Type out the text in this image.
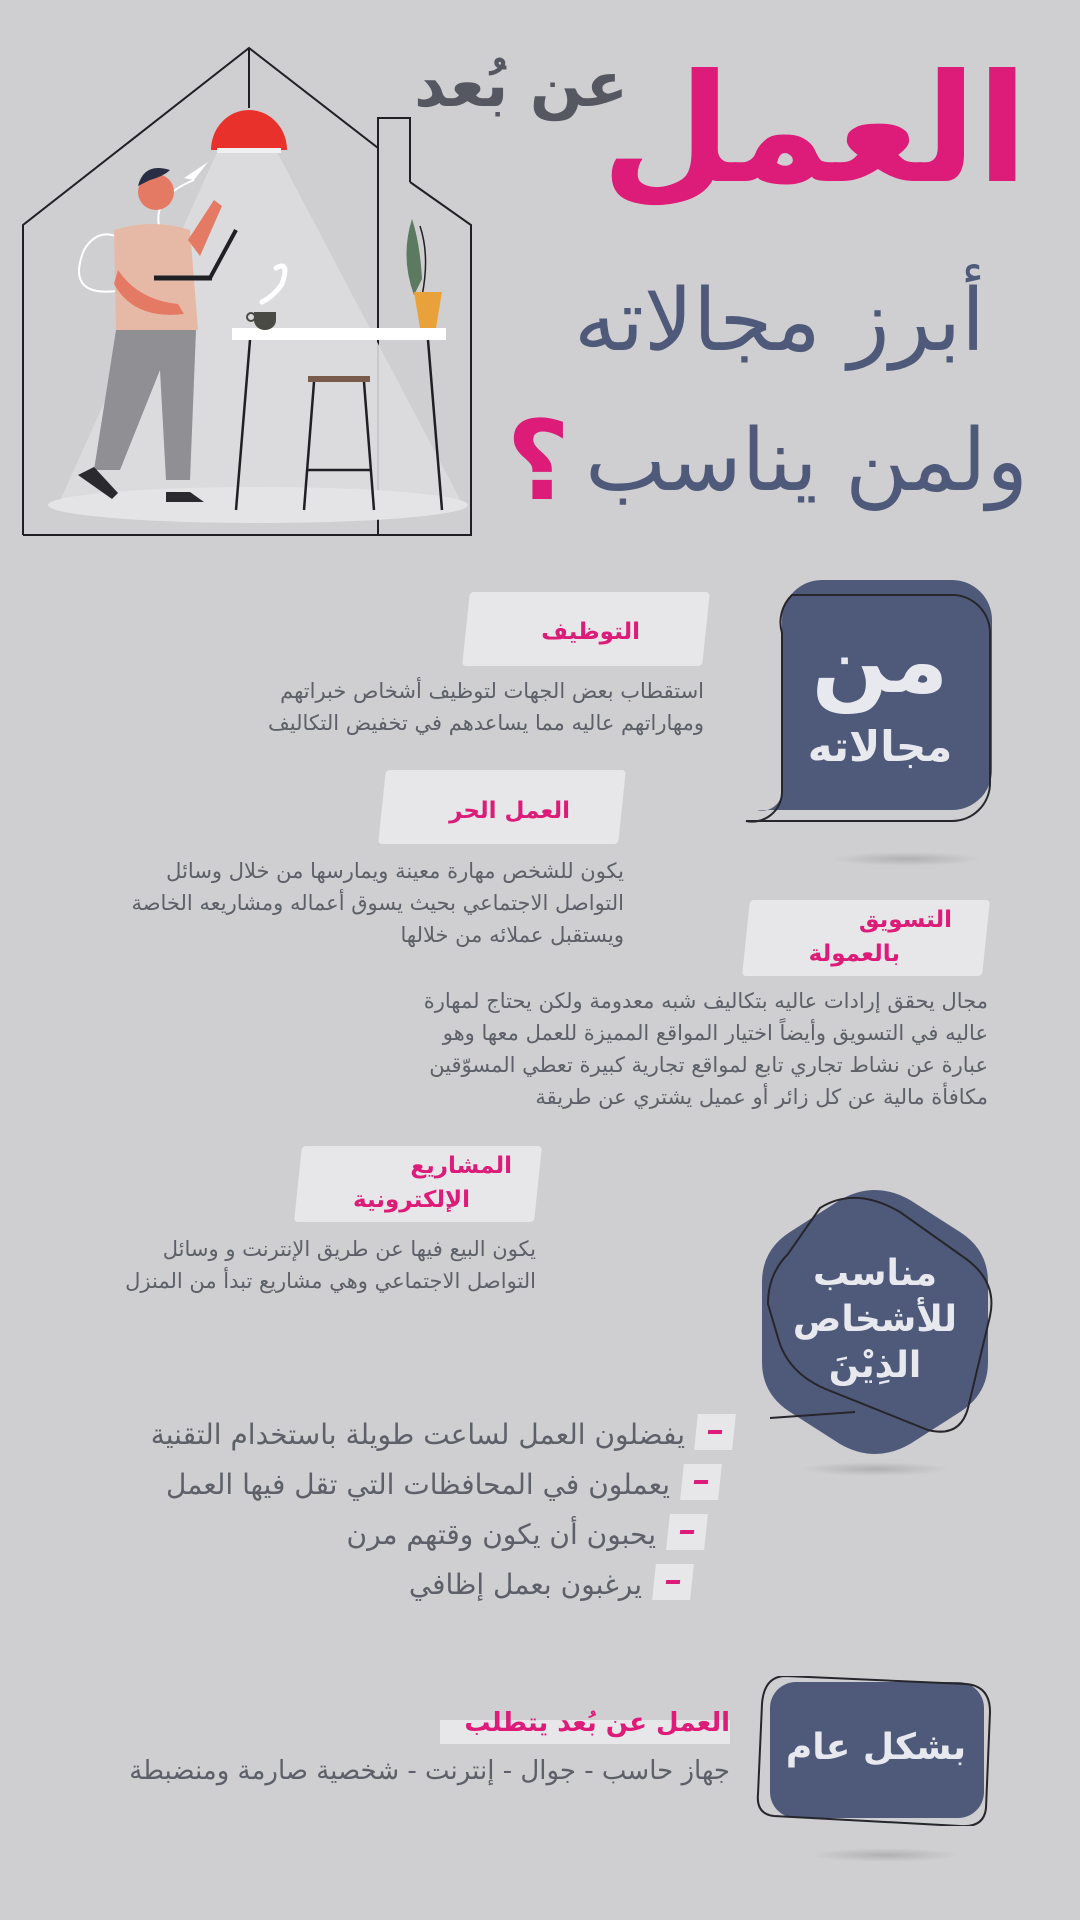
العمل
عن بُعد
أبرز مجالاته
ولمن يناسب
؟
من
مجالاته
التوظيف
استقطاب بعض الجهات لتوظيف أشخاص خبراتهم
ومهاراتهم عاليه مما يساعدهم في تخفيض التكاليف
العمل الحر
يكون للشخص مهارة معينة ويمارسها من خلال وسائل
التواصل الاجتماعي بحيث يسوق أعماله ومشاريعه الخاصة
ويستقبل عملائه من خلالها
التسويق
بالعمولة
مجال يحقق إرادات عاليه بتكاليف شبه معدومة ولكن يحتاج لمهارة
عاليه في التسويق وأيضاً اختيار المواقع المميزة للعمل معها وهو
عبارة عن نشاط تجاري تابع لمواقع تجارية كبيرة تعطي المسوّقين
مكافأة مالية عن كل زائر أو عميل يشتري عن طريقة
المشاريع
الإلكترونية
يكون البيع فيها عن طريق الإنترنت و وسائل
التواصل الاجتماعي وهي مشاريع تبدأ من المنزل	مناسب
للأشخاص
الذِيْنَ
يفضلون العمل لساعت طويلة باستخدام التقنية
يعملون في المحافظات التي تقل فيها العمل
يحبون أن يكون وقتهم مرن
يرغبون بعمل إظافي
بشكل عام
العمل عن بُعد يتطلب
جهاز حاسب - جوال - إنترنت - شخصية صارمة ومنضبطة
